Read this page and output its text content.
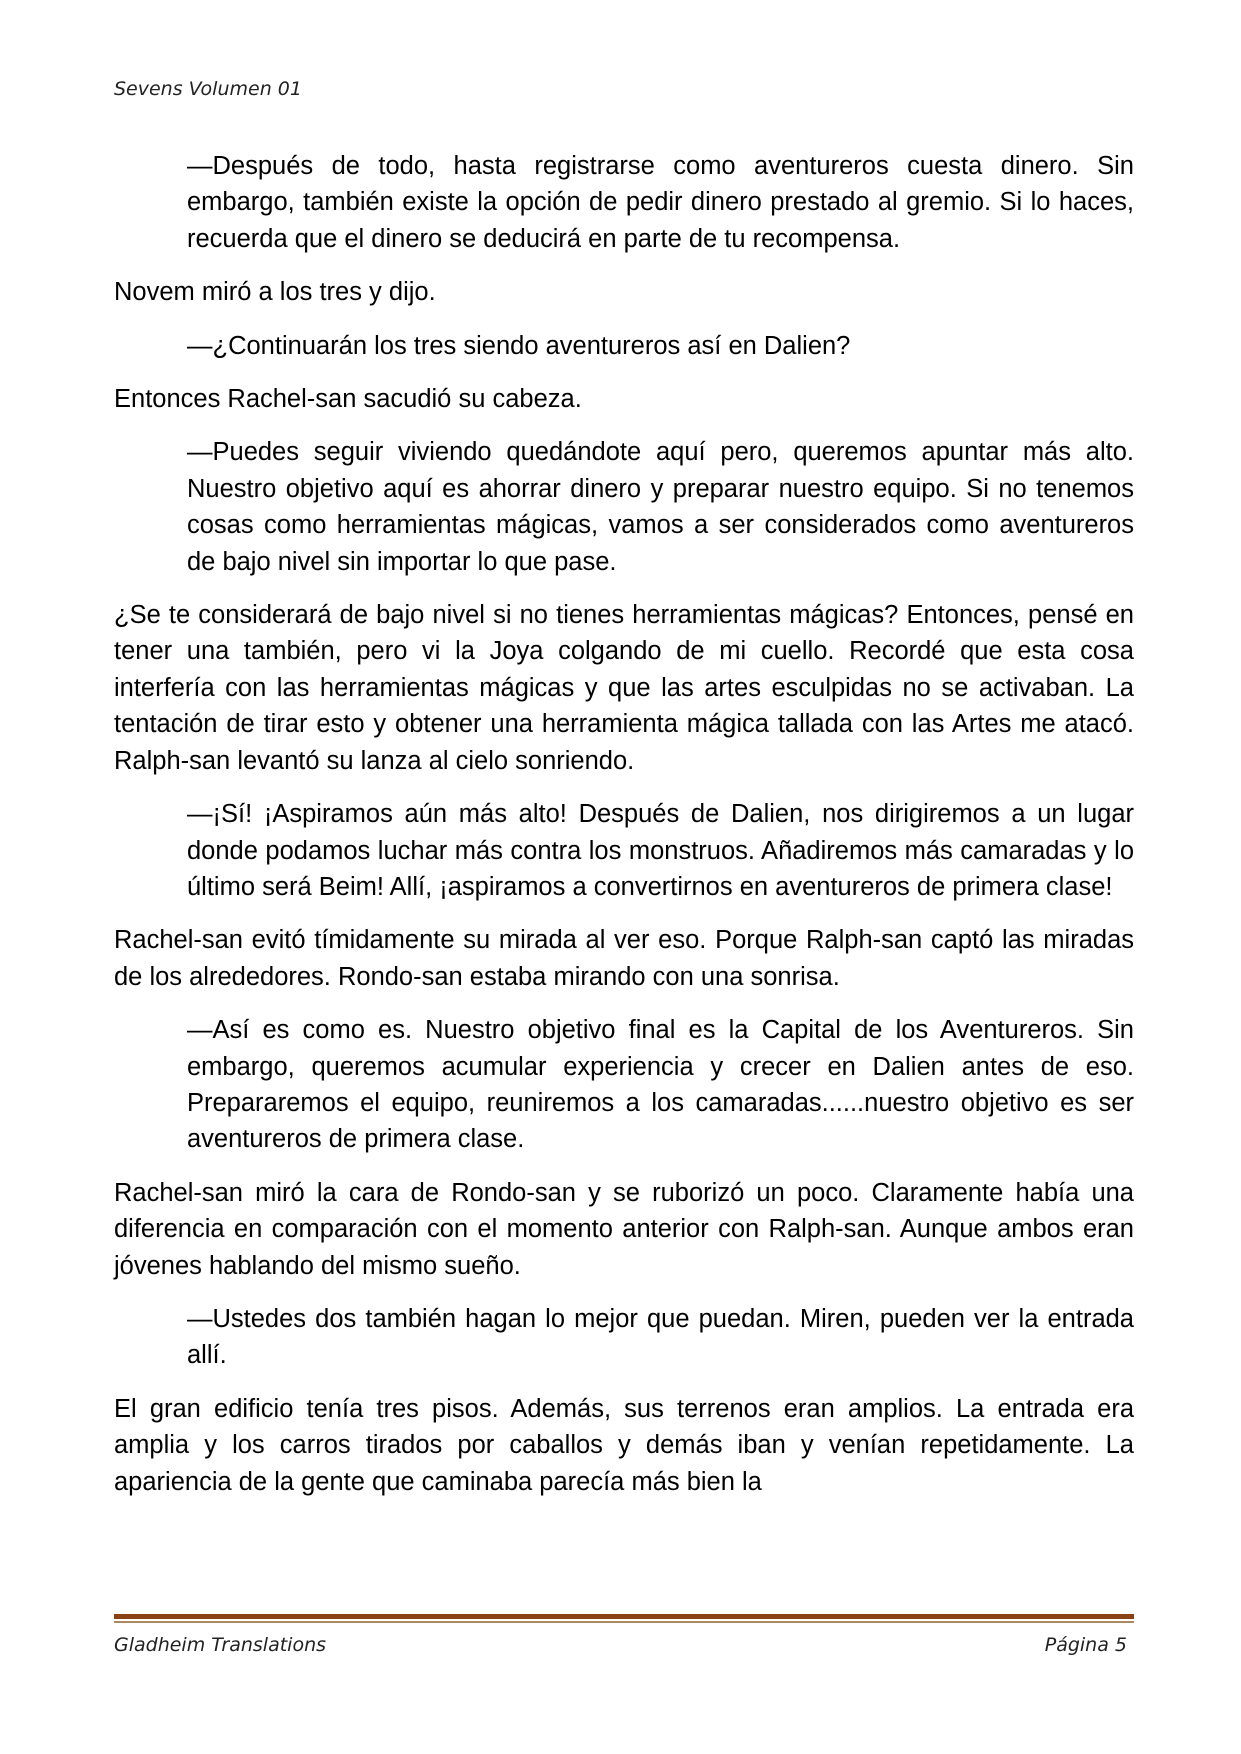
Sevens Volumen 01

—Después de todo, hasta registrarse como aventureros cuesta dinero. Sin embargo, también existe la opción de pedir dinero prestado al gremio. Si lo haces, recuerda que el dinero se deducirá en parte de tu recompensa.

Novem miró a los tres y dijo.

—¿Continuarán los tres siendo aventureros así en Dalien?

Entonces Rachel-san sacudió su cabeza.

—Puedes seguir viviendo quedándote aquí pero, queremos apuntar más alto. Nuestro objetivo aquí es ahorrar dinero y preparar nuestro equipo. Si no tenemos cosas como herramientas mágicas, vamos a ser considerados como aventureros de bajo nivel sin importar lo que pase.

¿Se te considerará de bajo nivel si no tienes herramientas mágicas? Entonces, pensé en tener una también, pero vi la Joya colgando de mi cuello. Recordé que esta cosa interfería con las herramientas mágicas y que las artes esculpidas no se activaban. La tentación de tirar esto y obtener una herramienta mágica tallada con las Artes me atacó. Ralph-san levantó su lanza al cielo sonriendo.

—¡Sí! ¡Aspiramos aún más alto! Después de Dalien, nos dirigiremos a un lugar donde podamos luchar más contra los monstruos. Añadiremos más camaradas y lo último será Beim! Allí, ¡aspiramos a convertirnos en aventureros de primera clase!

Rachel-san evitó tímidamente su mirada al ver eso. Porque Ralph-san captó las miradas de los alrededores. Rondo-san estaba mirando con una sonrisa.

—Así es como es. Nuestro objetivo final es la Capital de los Aventureros. Sin embargo, queremos acumular experiencia y crecer en Dalien antes de eso. Prepararemos el equipo, reuniremos a los camaradas......nuestro objetivo es ser aventureros de primera clase.

Rachel-san miró la cara de Rondo-san y se ruborizó un poco. Claramente había una diferencia en comparación con el momento anterior con Ralph-san. Aunque ambos eran jóvenes hablando del mismo sueño.

—Ustedes dos también hagan lo mejor que puedan. Miren, pueden ver la entrada allí.

El gran edificio tenía tres pisos. Además, sus terrenos eran amplios. La entrada era amplia y los carros tirados por caballos y demás iban y venían repetidamente. La apariencia de la gente que caminaba parecía más bien la

Gladheim Translations	Página 5
